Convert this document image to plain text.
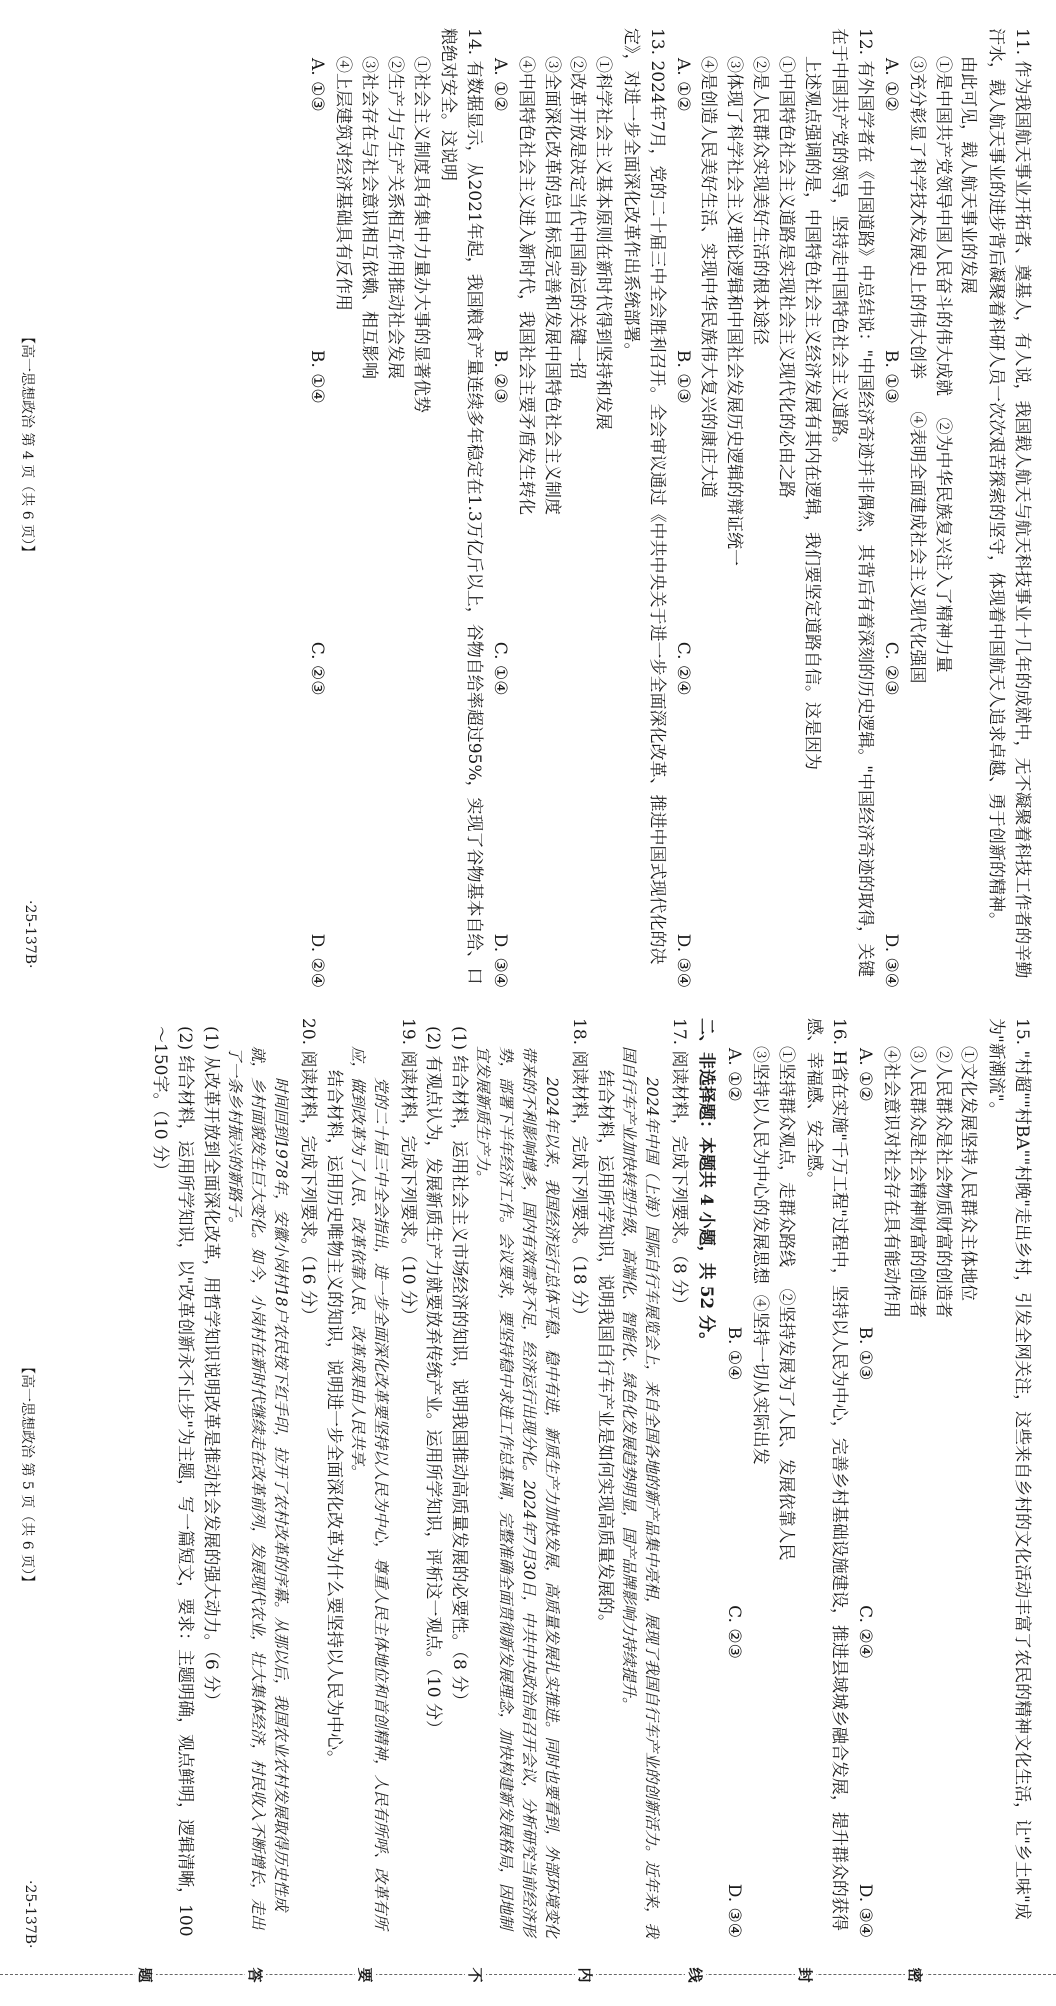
11. 作为我国航天事业开拓者、奠基人，有人说，我国载人航天与航天科技事业十几年的成就中，无不凝聚着科技工作者的辛勤汗水，载人航天事业的进步背后凝聚着科研人员一次次艰苦探索的坚守，体现着中国航天人追求卓越、勇于创新的精神。

由此可见，载人航天事业的发展

①是中国共产党领导中国人民奋斗的伟大成就    ②为中华民族复兴注入了精神力量

③充分彰显了科学技术发展史上的伟大创举      ④表明全面建成社会主义现代化强国

A. ①②
B. ①③
C. ②③
D. ③④

12. 有外国学者在《中国道路》中总结说："中国经济奇迹并非偶然，其背后有着深刻的历史逻辑。"中国经济奇迹的取得，关键在于中国共产党的领导，坚持走中国特色社会主义道路。

上述观点强调的是，中国特色社会主义经济发展有其内在逻辑，我们要坚定道路自信。这是因为

①中国特色社会主义道路是实现社会主义现代化的必由之路

②是人民群众实现美好生活的根本途径

③体现了科学社会主义理论逻辑和中国社会发展历史逻辑的辩证统一

④是创造人民美好生活、实现中华民族伟大复兴的康庄大道

A. ①②
B. ①③
C. ②④
D. ③④

13. 2024年7月，党的二十届三中全会胜利召开。全会审议通过《中共中央关于进一步全面深化改革、推进中国式现代化的决定》，对进一步全面深化改革作出系统部署。

①科学社会主义基本原则在新时代得到坚持和发展

②改革开放是决定当代中国命运的关键一招

③全面深化改革的总目标是完善和发展中国特色社会主义制度

④中国特色社会主义进入新时代，我国社会主要矛盾发生转化

A. ①②
B. ②③
C. ①④
D. ③④

14. 有数据显示，从2021年起，我国粮食产量连续多年稳定在1.3万亿斤以上，谷物自给率超过95%，实现了谷物基本自给、口粮绝对安全。这说明

①社会主义制度具有集中力量办大事的显著优势

②生产力与生产关系相互作用推动社会发展

③社会存在与社会意识相互依赖、相互影响

④上层建筑对经济基础具有反作用

A. ①③
B. ①④
C. ②③
D. ②④
【高一思想政治 第 4 页（共 6 页）】
·25-137B·

15. "村超""村BA""村晚"走出乡村，引发全网关注，这些来自乡村的文化活动丰富了农民的精神文化生活，让"乡土味"成为"新潮流"。

①文化发展坚持人民群众主体地位

②人民群众是社会物质财富的创造者

③人民群众是社会精神财富的创造者

④社会意识对社会存在具有能动作用

A. ①②
B. ①③
C. ②④
D. ③④

16. H省在实施"千万工程"过程中，坚持以人民为中心，完善乡村基础设施建设，推进县域城乡融合发展，提升群众的获得感、幸福感、安全感。

①坚持群众观点，走群众路线    ②坚持发展为了人民、发展依靠人民

③坚持以人民为中心的发展思想  ④坚持一切从实际出发

A. ①②
B. ①④
C. ②③
D. ③④

二、非选择题：本题共 4 小题，共 52 分。

17. 阅读材料，完成下列要求。（8 分）

2024年中国（上海）国际自行车展览会上，来自全国各地的新产品集中亮相，展现了我国自行车产业的创新活力。近年来，我国自行车产业加快转型升级，高端化、智能化、绿色化发展趋势明显，国产品牌影响力持续提升。

结合材料，运用所学知识，说明我国自行车产业是如何实现高质量发展的。

18. 阅读材料，完成下列要求。（18 分）

2024年以来，我国经济运行总体平稳、稳中有进，新质生产力加快发展，高质量发展扎实推进。同时也要看到，外部环境变化带来的不利影响增多，国内有效需求不足，经济运行出现分化。2024年7月30日，中共中央政治局召开会议，分析研究当前经济形势，部署下半年经济工作。会议要求，要坚持稳中求进工作总基调，完整准确全面贯彻新发展理念，加快构建新发展格局，因地制宜发展新质生产力。

(1) 结合材料，运用社会主义市场经济的知识，说明我国推动高质量发展的必要性。（8 分）

(2) 有观点认为，发展新质生产力就要放弃传统产业。运用所学知识，评析这一观点。（10 分）

19. 阅读材料，完成下列要求。（10 分）

党的二十届三中全会指出，进一步全面深化改革要坚持以人民为中心，尊重人民主体地位和首创精神，人民有所呼、改革有所应，做到改革为了人民、改革依靠人民、改革成果由人民共享。

结合材料，运用历史唯物主义的知识，说明进一步全面深化改革为什么要坚持以人民为中心。

20. 阅读材料，完成下列要求。（16 分）

时间回到1978年，安徽小岗村18户农民按下红手印，拉开了农村改革的序幕。从那以后，我国农业农村发展取得历史性成就，乡村面貌发生巨大变化。如今，小岗村在新时代继续走在改革前列，发展现代农业，壮大集体经济，村民收入不断增长，走出了一条乡村振兴的新路子。

(1) 从改革开放到全面深化改革，用哲学知识说明改革是推动社会发展的强大动力。（6 分）

(2) 结合材料，运用所学知识，以"改革创新永不止步"为主题，写一篇短文，要求：主题明确，观点鲜明，逻辑清晰，100～150字。（10 分）

【高一思想政治 第 5 页（共 6 页）】
·25-137B·
密
封
线
内
不
要
答
题
